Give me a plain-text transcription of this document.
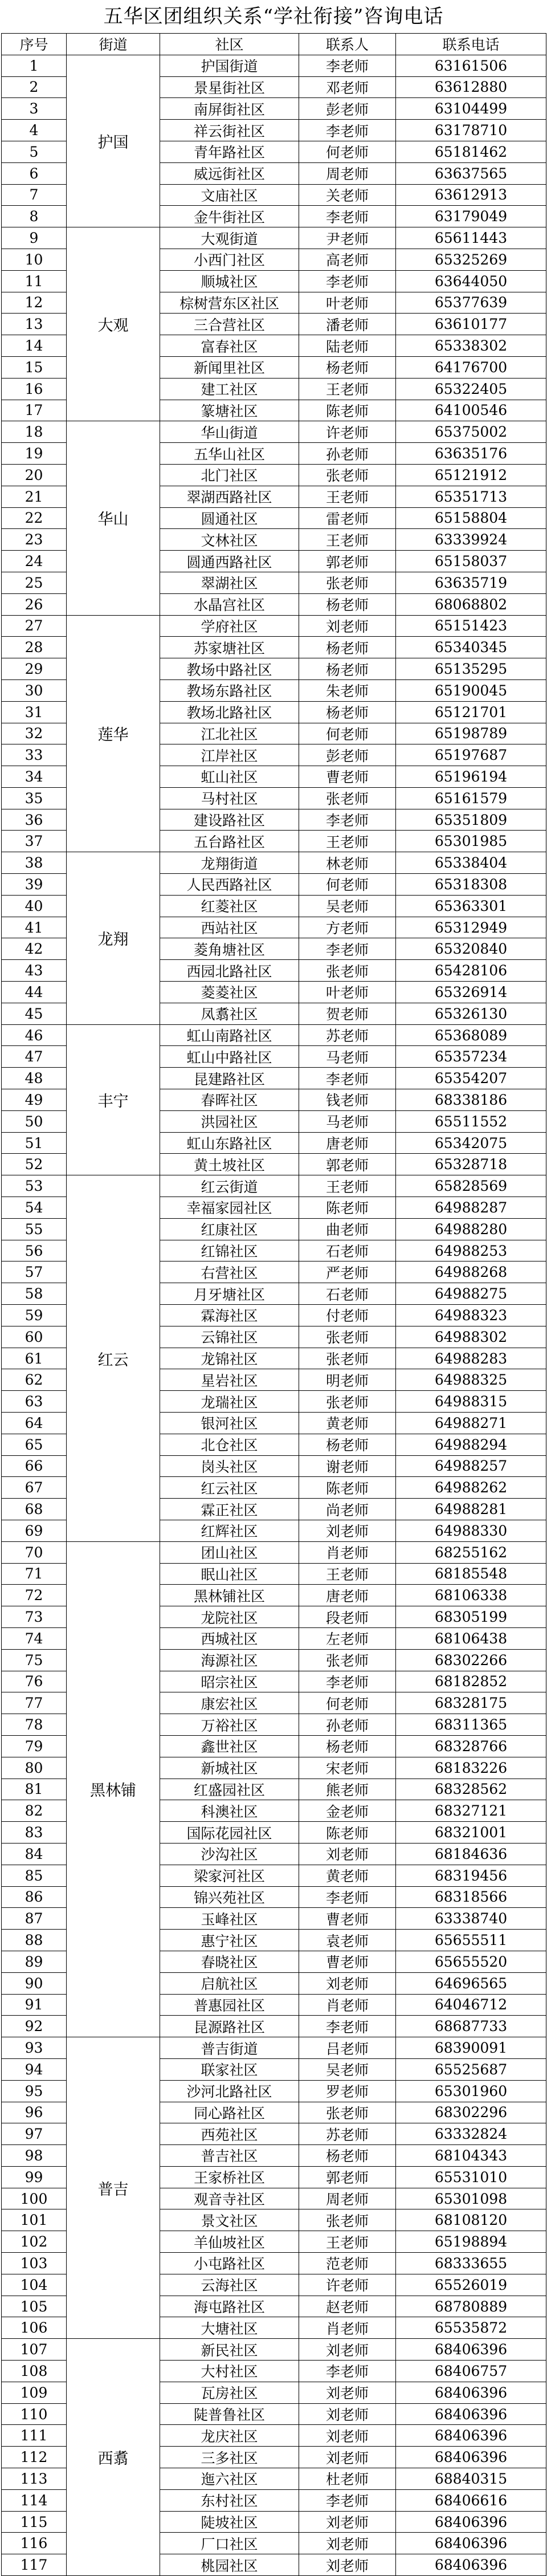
五华区团组织关系“学社衔接”咨询电话
序号	街道	社区	联系人	联系电话
1	护国	护国街道	李老师	63161506
2		景星街社区	邓老师	63612880
3		南屏街社区	彭老师	63104499
4		祥云街社区	李老师	63178710
5		青年路社区	何老师	65181462
6		威远街社区	周老师	63637565
7		文庙社区	关老师	63612913
8		金牛街社区	李老师	63179049
9	大观	大观街道	尹老师	65611443
10		小西门社区	高老师	65325269
11		顺城社区	李老师	63644050
12		棕树营东区社区	叶老师	65377639
13		三合营社区	潘老师	63610177
14		富春社区	陆老师	65338302
15		新闻里社区	杨老师	64176700
16		建工社区	王老师	65322405
17		篆塘社区	陈老师	64100546
18	华山	华山街道	许老师	65375002
19		五华山社区	孙老师	63635176
20		北门社区	张老师	65121912
21		翠湖西路社区	王老师	65351713
22		圆通社区	雷老师	65158804
23		文林社区	王老师	63339924
24		圆通西路社区	郭老师	65158037
25		翠湖社区	张老师	63635719
26		水晶宫社区	杨老师	68068802
27	莲华	学府社区	刘老师	65151423
28		苏家塘社区	杨老师	65340345
29		教场中路社区	杨老师	65135295
30		教场东路社区	朱老师	65190045
31		教场北路社区	杨老师	65121701
32		江北社区	何老师	65198789
33		江岸社区	彭老师	65197687
34		虹山社区	曹老师	65196194
35		马村社区	张老师	65161579
36		建设路社区	李老师	65351809
37		五台路社区	王老师	65301985
38	龙翔	龙翔街道	林老师	65338404
39		人民西路社区	何老师	65318308
40		红菱社区	吴老师	65363301
41		西站社区	方老师	65312949
42		菱角塘社区	李老师	65320840
43		西园北路社区	张老师	65428106
44		菱菱社区	叶老师	65326914
45		凤翥社区	贺老师	65326130
46	丰宁	虹山南路社区	苏老师	65368089
47		虹山中路社区	马老师	65357234
48		昆建路社区	李老师	65354207
49		春晖社区	钱老师	68338186
50		洪园社区	马老师	65511552
51		虹山东路社区	唐老师	65342075
52		黄土坡社区	郭老师	65328718
53	红云	红云街道	王老师	65828569
54		幸福家园社区	陈老师	64988287
55		红康社区	曲老师	64988280
56		红锦社区	石老师	64988253
57		右营社区	严老师	64988268
58		月牙塘社区	石老师	64988275
59		霖海社区	付老师	64988323
60		云锦社区	张老师	64988302
61		龙锦社区	张老师	64988283
62		星岩社区	明老师	64988325
63		龙瑞社区	张老师	64988315
64		银河社区	黄老师	64988271
65		北仓社区	杨老师	64988294
66		岗头社区	谢老师	64988257
67		红云社区	陈老师	64988262
68		霖正社区	尚老师	64988281
69		红辉社区	刘老师	64988330
70	黑林铺	团山社区	肖老师	68255162
71		眠山社区	王老师	68185548
72		黑林铺社区	唐老师	68106338
73		龙院社区	段老师	68305199
74		西城社区	左老师	68106438
75		海源社区	张老师	68302266
76		昭宗社区	李老师	68182852
77		康宏社区	何老师	68328175
78		万裕社区	孙老师	68311365
79		鑫世社区	杨老师	68328766
80		新城社区	宋老师	68183226
81		红盛园社区	熊老师	68328562
82		科澳社区	金老师	68327121
83		国际花园社区	陈老师	68321001
84		沙沟社区	刘老师	68184636
85		梁家河社区	黄老师	68319456
86		锦兴苑社区	李老师	68318566
87		玉峰社区	曹老师	63338740
88		惠宁社区	袁老师	65655511
89		春晓社区	曹老师	65655520
90		启航社区	刘老师	64696565
91		普惠园社区	肖老师	64046712
92		昆源路社区	李老师	68687733
93	普吉	普吉街道	吕老师	68390091
94		联家社区	吴老师	65525687
95		沙河北路社区	罗老师	65301960
96		同心路社区	张老师	68302296
97		西苑社区	苏老师	63332824
98		普吉社区	杨老师	68104343
99		王家桥社区	郭老师	65531010
100		观音寺社区	周老师	65301098
101		景文社区	张老师	68108120
102		羊仙坡社区	王老师	65198894
103		小屯路社区	范老师	68333655
104		云海社区	许老师	65526019
105		海屯路社区	赵老师	68780889
106		大塘社区	肖老师	65535872
107	西翥	新民社区	刘老师	68406396
108		大村社区	李老师	68406757
109		瓦房社区	刘老师	68406396
110		陡普鲁社区	刘老师	68406396
111		龙庆社区	刘老师	68406396
112		三多社区	刘老师	68406396
113		迤六社区	杜老师	68840315
114		东村社区	李老师	68406616
115		陡坡社区	刘老师	68406396
116		厂口社区	刘老师	68406396
117		桃园社区	刘老师	68406396
